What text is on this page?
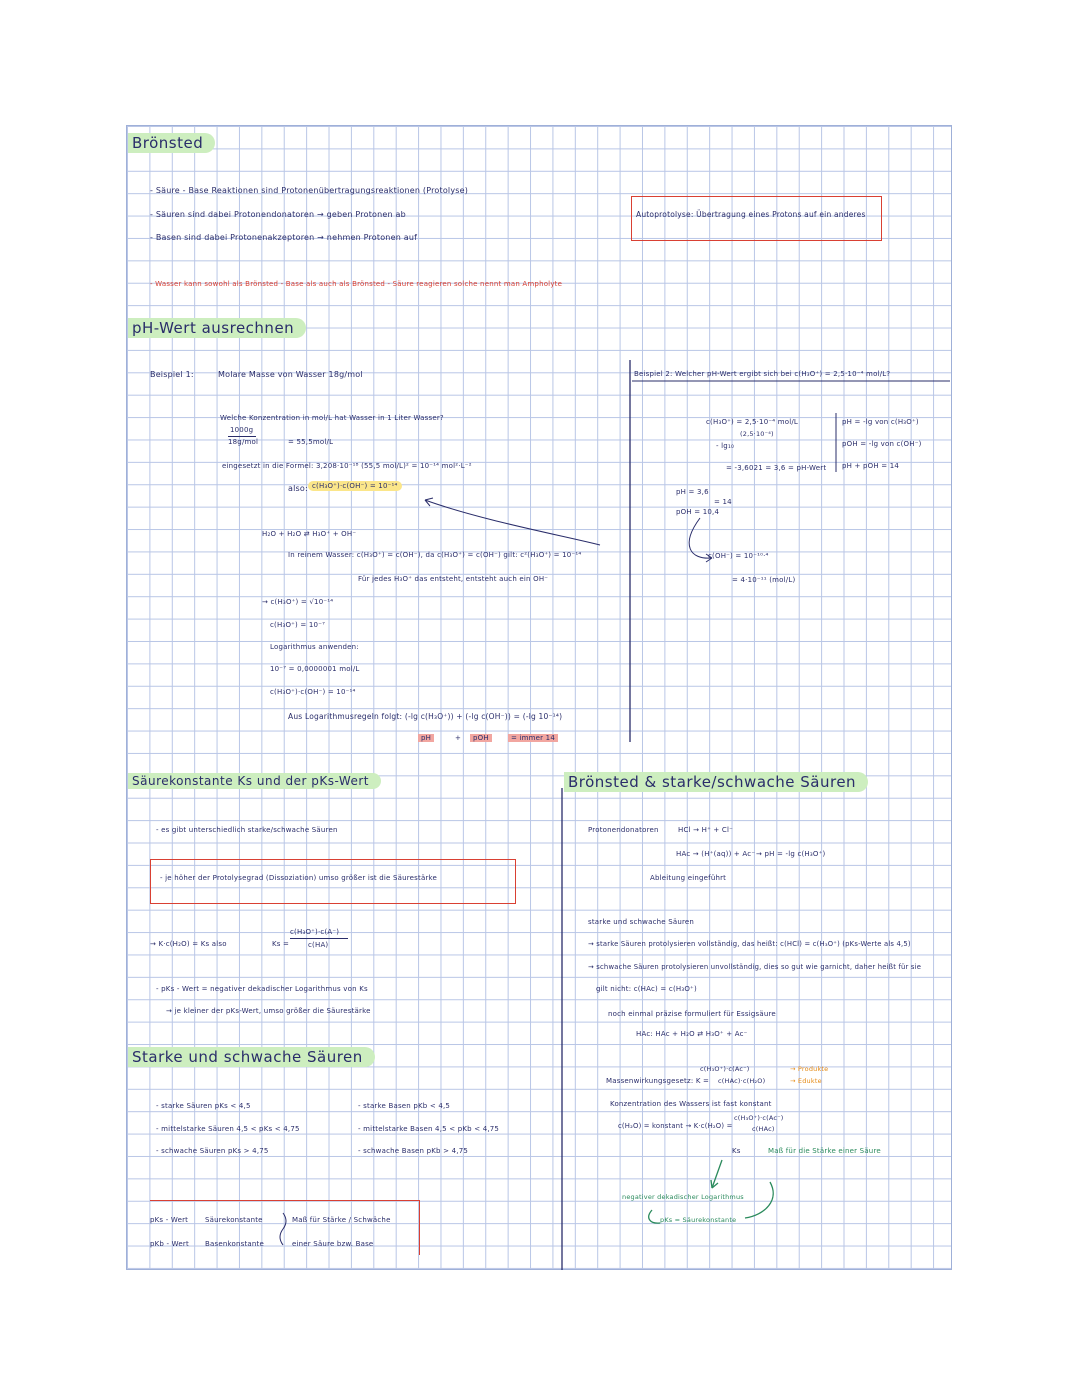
Brönsted
- Säure - Base Reaktionen sind Protonenübertragungsreaktionen (Protolyse)
- Säuren sind dabei Protonendonatoren → geben Protonen ab
- Basen sind dabei Protonenakzeptoren → nehmen Protonen auf
Autoprotolyse: Übertragung eines Protons auf ein anderes
- Wasser kann sowohl als Brönsted - Base als auch als Brönsted - Säure reagieren solche nennt man Ampholyte
pH-Wert ausrechnen
Beispiel 1:	Molare Masse von Wasser 18g/mol
Welche Konzentration in mol/L hat Wasser in 1 Liter Wasser?
1000g
18g/mol	= 55,5mol/L
eingesetzt in die Formel: 3,208·10⁻¹⁸ (55,5 mol/L)² = 10⁻¹⁴ mol²·L⁻²
also: c(H₃O⁺)·c(OH⁻) = 10⁻¹⁴
H₂O + H₂O ⇄ H₃O⁺ + OH⁻
In reinem Wasser: c(H₃O⁺) = c(OH⁻), da c(H₃O⁺) = c(OH⁻) gilt: c²(H₃O⁺) = 10⁻¹⁴
Für jedes H₃O⁺ das entsteht, entsteht auch ein OH⁻
→ c(H₃O⁺) = √10⁻¹⁴
c(H₃O⁺) = 10⁻⁷
Logarithmus anwenden:
10⁻⁷ = 0,0000001 mol/L
c(H₃O⁺)·c(OH⁻) = 10⁻¹⁴
Aus Logarithmusregeln folgt: (-lg c(H₃O⁺)) + (-lg c(OH⁻)) = (-lg 10⁻¹⁴)
pH	+	pOH	= immer 14
Beispiel 2: Welcher pH-Wert ergibt sich bei c(H₃O⁺) = 2,5·10⁻⁴ mol/L?
c(H₃O⁺) = 2,5·10⁻⁴ mol/L
(2,5·10⁻⁴)
- lg₁₀
= -3,6021 = 3,6 = pH-Wert
pH = -lg von c(H₃O⁺)
pOH = -lg von c(OH⁻)
pH + pOH = 14
pH = 3,6
pOH = 10,4
= 14
c(OH⁻) = 10⁻¹⁰·⁴
= 4·10⁻¹¹ (mol/L)
Säurekonstante Ks und der pKs-Wert
- es gibt unterschiedlich starke/schwache Säuren
- je höher der Protolysegrad (Dissoziation) umso größer ist die Säurestärke
→ K·c(H₂O) = Ks also	Ks =
c(H₃O⁺)·c(A⁻)
c(HA)
- pKs - Wert = negativer dekadischer Logarithmus von Ks
→ je kleiner der pKs-Wert, umso größer die Säurestärke
Starke und schwache Säuren
- starke Säuren pKs < 4,5
- mittelstarke Säuren 4,5 < pKs < 4,75
- schwache Säuren pKs > 4,75
- starke Basen pKb < 4,5
- mittelstarke Basen 4,5 < pKb < 4,75
- schwache Basen pKb > 4,75
pKs - Wert Säurekonstante	Maß für Stärke / Schwäche
pKb - Wert Basenkonstante	einer Säure bzw. Base
Brönsted & starke/schwache Säuren
Protonendonatoren	HCl → H⁺ + Cl⁻
HAc → (H⁺(aq)) + Ac⁻ → pH = -lg c(H₃O⁺)
Ableitung eingeführt
starke und schwache Säuren
→ starke Säuren protolysieren vollständig, das heißt: c(HCl) = c(H₃O⁺) (pKs-Werte als 4,5)
→ schwache Säuren protolysieren unvollständig, dies so gut wie garnicht, daher heißt für sie
gilt nicht: c(HAc) = c(H₃O⁺)
noch einmal präzise formuliert für Essigsäure
HAc: HAc + H₂O ⇄ H₃O⁺ + Ac⁻
c(H₃O⁺)·c(Ac⁻)
Massenwirkungsgesetz: K = c(HAc)·c(H₂O)
→ Produkte
→ Edukte
Konzentration des Wassers ist fast konstant
c(H₂O) = konstant → K·c(H₂O) =
c(H₃O⁺)·c(Ac⁻)
c(HAc)
Ks	Maß für die Stärke einer Säure
negativer dekadischer Logarithmus
pKs = Säurekonstante
